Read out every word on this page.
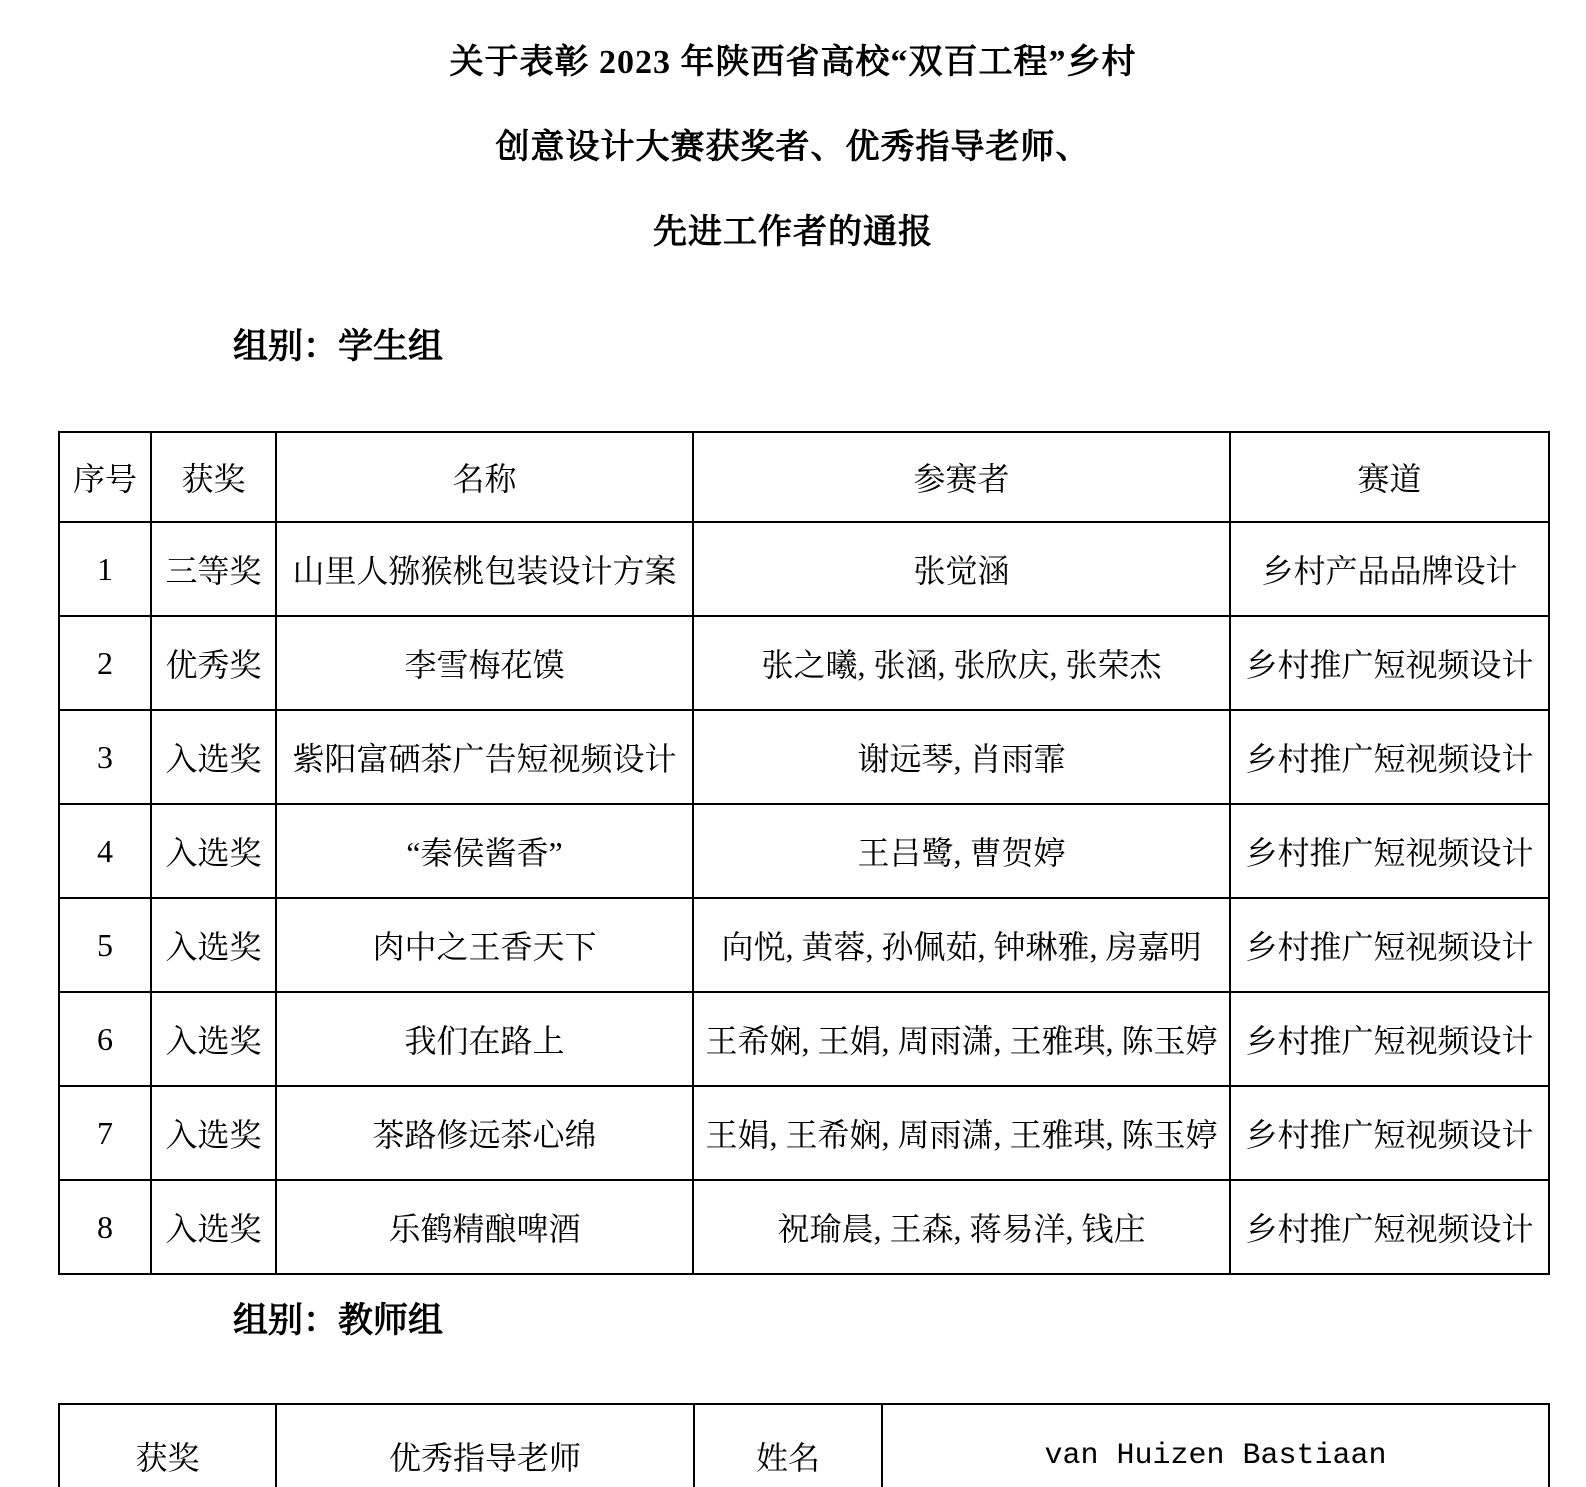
关于表彰 2023 年陕西省高校“双百工程”乡村
创意设计大赛获奖者、优秀指导老师、
先进工作者的通报
组别：学生组
序号	获奖	名称	参赛者	赛道
1	三等奖	山里人猕猴桃包装设计方案	张觉涵	乡村产品品牌设计
2	优秀奖	李雪梅花馍	张之曦, 张涵, 张欣庆, 张荣杰	乡村推广短视频设计
3	入选奖	紫阳富硒茶广告短视频设计	谢远琴, 肖雨霏	乡村推广短视频设计
4	入选奖	“秦侯酱香”	王吕鹭, 曹贺婷	乡村推广短视频设计
5	入选奖	肉中之王香天下	向悦, 黄蓉, 孙佩茹, 钟琳雅, 房嘉明	乡村推广短视频设计
6	入选奖	我们在路上	王希娴, 王娟, 周雨潇, 王雅琪, 陈玉婷	乡村推广短视频设计
7	入选奖	茶路修远茶心绵	王娟, 王希娴, 周雨潇, 王雅琪, 陈玉婷	乡村推广短视频设计
8	入选奖	乐鹤精酿啤酒	祝瑜晨, 王森, 蒋易洋, 钱庄	乡村推广短视频设计
组别：教师组
获奖	优秀指导老师	姓名	van Huizen Bastiaan
